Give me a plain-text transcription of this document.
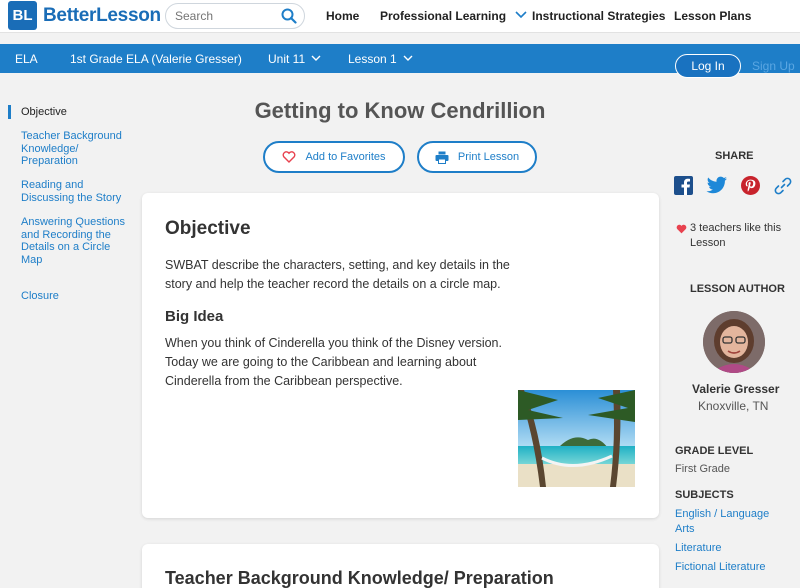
BL BetterLesson
Search	Home Professional Learning	Instructional Strategies Lesson Plans
ELA	1st Grade ELA (Valerie Gresser) Unit 11	Lesson 1	Log In	Sign Up
Objective
Teacher Background Knowledge/ Preparation
Reading and Discussing the Story
Answering Questions and Recording the Details on a Circle Map
Closure
Getting to Know Cendrillion
Add to Favorites	Print Lesson
Objective
SWBAT describe the characters, setting, and key details in the story and help the teacher record the details on a circle map.
Big Idea
When you think of Cinderella you think of the Disney version. Today we are going to the Caribbean and learning about Cinderella from the Caribbean perspective.
Teacher Background Knowledge/ Preparation
SHARE
3 teachers like this Lesson
LESSON AUTHOR
Valerie Gresser
Knoxville, TN
GRADE LEVEL
First Grade
SUBJECTS
English / Language Arts
Literature
Fictional Literature
